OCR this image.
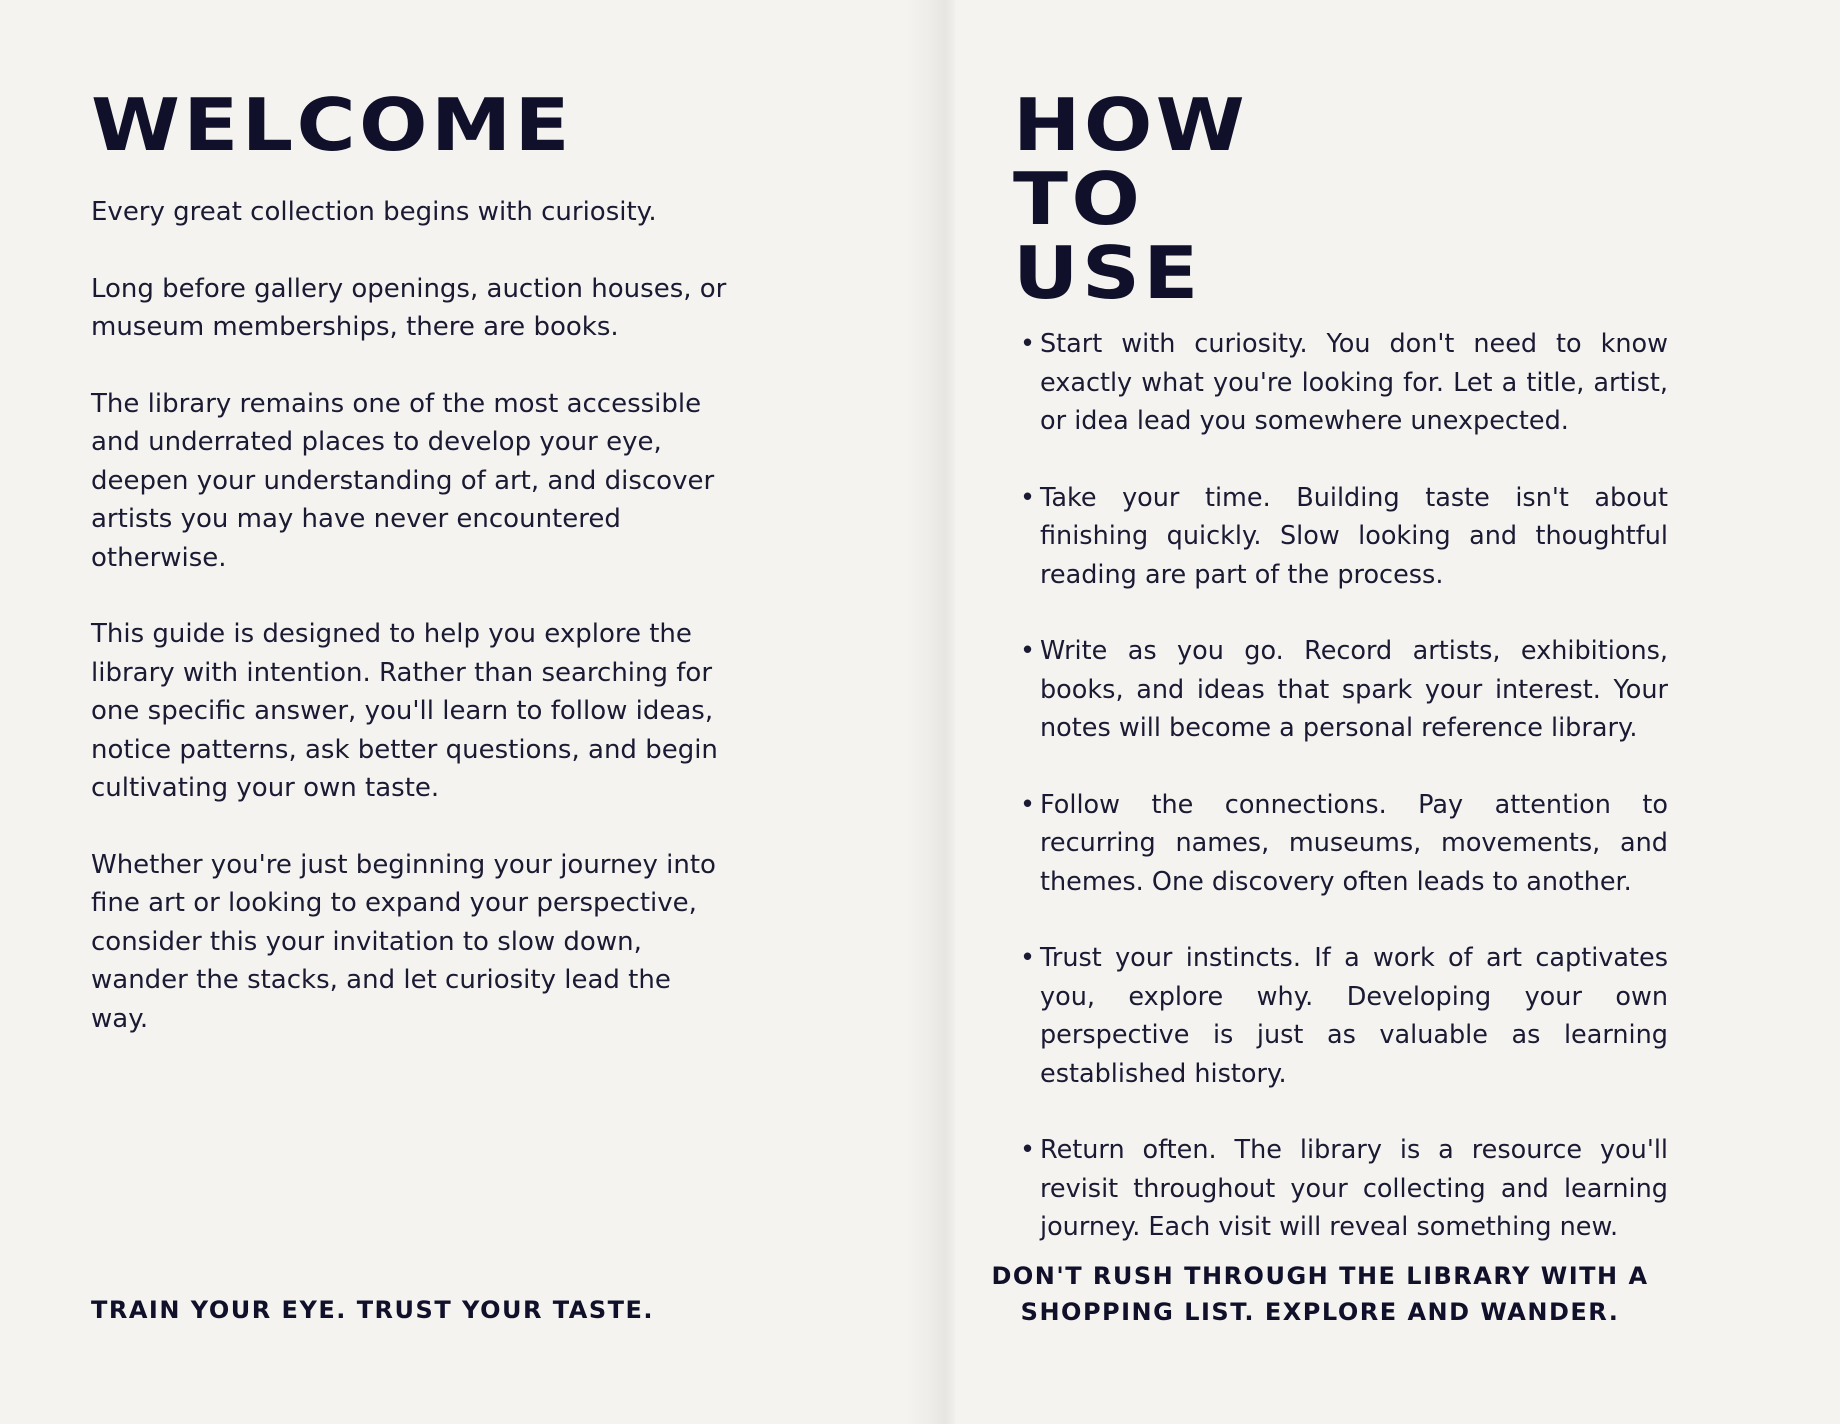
WELCOME

Every great collection begins with curiosity.

Long before gallery openings, auction houses, or museum memberships, there are books.

The library remains one of the most accessible and underrated places to develop your eye, deepen your understanding of art, and discover artists you may have never encountered otherwise.

This guide is designed to help you explore the library with intention. Rather than searching for one specific answer, you'll learn to follow ideas, notice patterns, ask better questions, and begin cultivating your own taste.

Whether you're just beginning your journey into fine art or looking to expand your perspective, consider this your invitation to slow down, wander the stacks, and let curiosity lead the way.

TRAIN YOUR EYE. TRUST YOUR TASTE.

HOW
TO
USE
• Start with curiosity. You don't need to know exactly what you're looking for. Let a title, artist, or idea lead you somewhere unexpected.
• Take your time. Building taste isn't about finishing quickly. Slow looking and thoughtful reading are part of the process.
• Write as you go. Record artists, exhibitions, books, and ideas that spark your interest. Your notes will become a personal reference library.
• Follow the connections. Pay attention to recurring names, museums, movements, and themes. One discovery often leads to another.
• Trust your instincts. If a work of art captivates you, explore why. Developing your own perspective is just as valuable as learning established history.
• Return often. The library is a resource you'll revisit throughout your collecting and learning journey. Each visit will reveal something new.

DON'T RUSH THROUGH THE LIBRARY WITH A
SHOPPING LIST. EXPLORE AND WANDER.
